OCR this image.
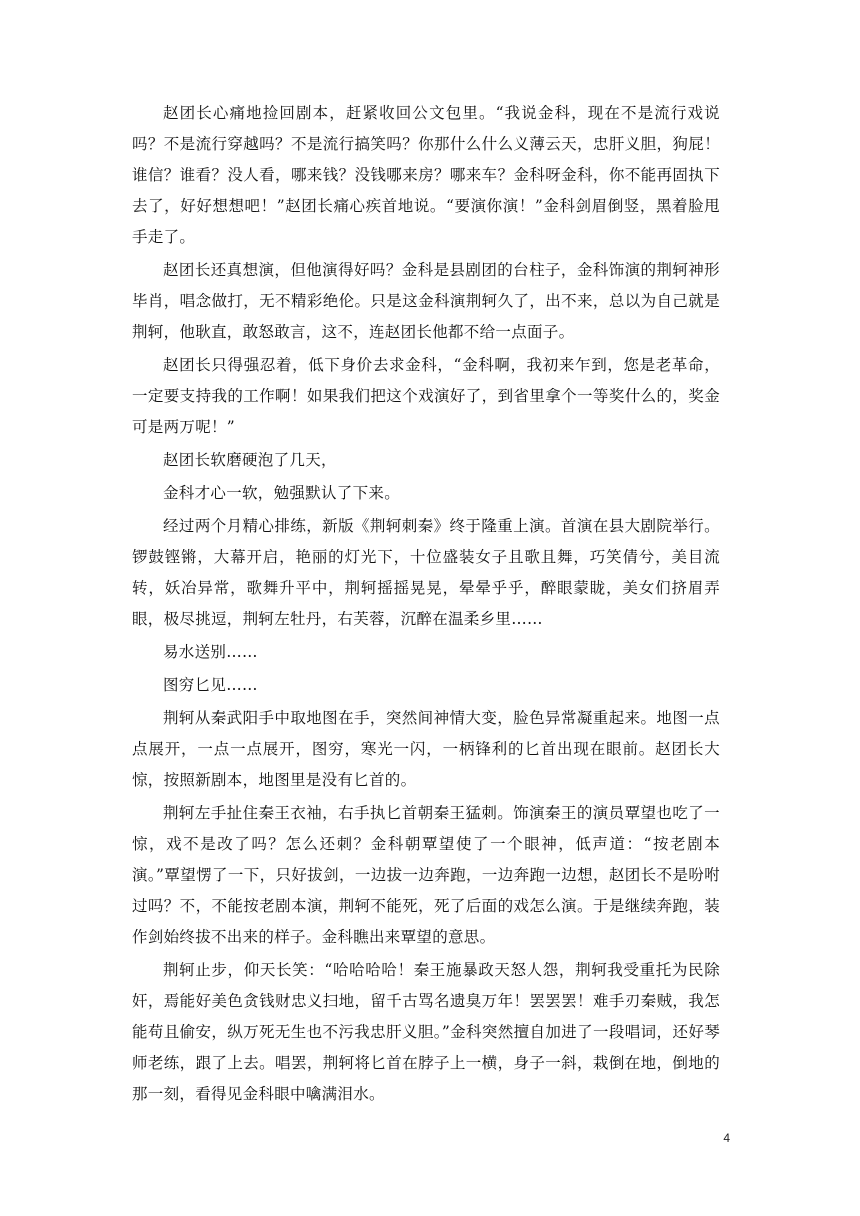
赵团长心痛地捡回剧本，赶紧收回公文包里。“我说金科，现在不是流行戏说吗？不是流行穿越吗？不是流行搞笑吗？你那什么什么义薄云天，忠肝义胆，狗屁！谁信？谁看？没人看，哪来钱？没钱哪来房？哪来车？金科呀金科，你不能再固执下去了，好好想想吧！”赵团长痛心疾首地说。“要演你演！”金科剑眉倒竖，黑着脸甩手走了。

赵团长还真想演，但他演得好吗？金科是县剧团的台柱子，金科饰演的荆轲神形毕肖，唱念做打，无不精彩绝伦。只是这金科演荆轲久了，出不来，总以为自己就是荆轲，他耿直，敢怒敢言，这不，连赵团长他都不给一点面子。

赵团长只得强忍着，低下身价去求金科，“金科啊，我初来乍到，您是老革命，一定要支持我的工作啊！如果我们把这个戏演好了，到省里拿个一等奖什么的，奖金可是两万呢！”

赵团长软磨硬泡了几天，

金科才心一软，勉强默认了下来。

经过两个月精心排练，新版《荆轲刺秦》终于隆重上演。首演在县大剧院举行。锣鼓铿锵，大幕开启，艳丽的灯光下，十位盛装女子且歌且舞，巧笑倩兮，美目流转，妖冶异常，歌舞升平中，荆轲摇摇晃晃，晕晕乎乎，醉眼蒙眬，美女们挤眉弄眼，极尽挑逗，荆轲左牡丹，右芙蓉，沉醉在温柔乡里……

易水送别……

图穷匕见……

荆轲从秦武阳手中取地图在手，突然间神情大变，脸色异常凝重起来。地图一点点展开，一点一点展开，图穷，寒光一闪，一柄锋利的匕首出现在眼前。赵团长大惊，按照新剧本，地图里是没有匕首的。

荆轲左手扯住秦王衣袖，右手执匕首朝秦王猛刺。饰演秦王的演员覃望也吃了一惊，戏不是改了吗？怎么还刺？金科朝覃望使了一个眼神，低声道：“按老剧本演。”覃望愣了一下，只好拔剑，一边拔一边奔跑，一边奔跑一边想，赵团长不是吩咐过吗？不，不能按老剧本演，荆轲不能死，死了后面的戏怎么演。于是继续奔跑，装作剑始终拔不出来的样子。金科瞧出来覃望的意思。

荆轲止步，仰天长笑：“哈哈哈哈！秦王施暴政天怒人怨，荆轲我受重托为民除奸，焉能好美色贪钱财忠义扫地，留千古骂名遗臭万年！罢罢罢！难手刃秦贼，我怎能苟且偷安，纵万死无生也不污我忠肝义胆。”金科突然擅自加进了一段唱词，还好琴师老练，跟了上去。唱罢，荆轲将匕首在脖子上一横，身子一斜，栽倒在地，倒地的那一刻，看得见金科眼中噙满泪水。

4
